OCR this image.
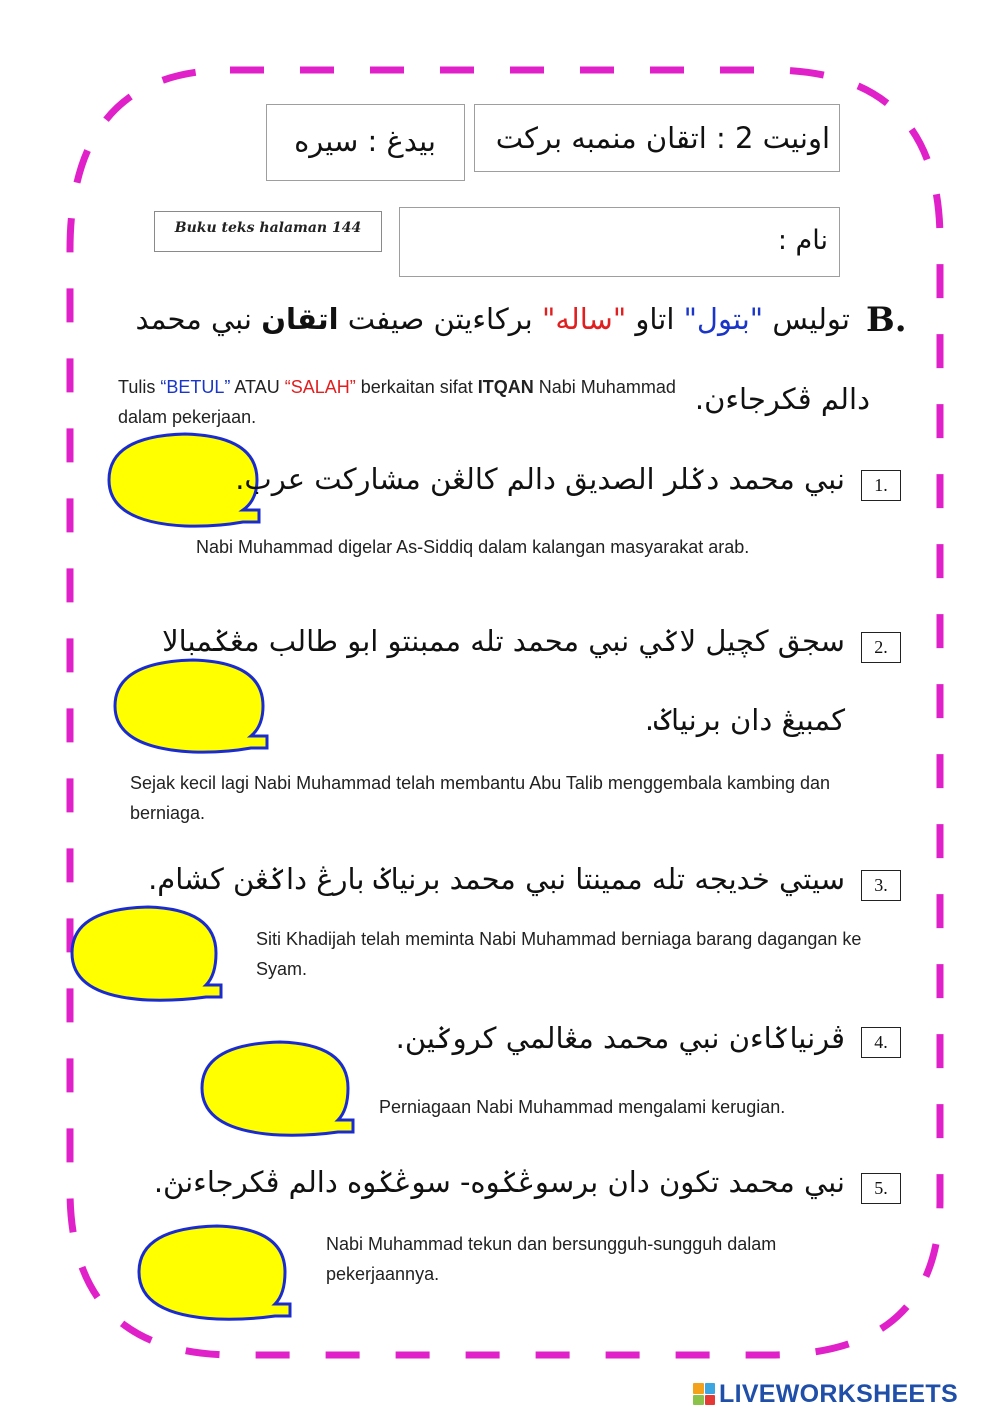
بيدغ : سيره	اونيت 2 : اتقان منمبه بركت
Buku teks halaman 144	نام :
B.
توليس "بتول" اتاو "ساله" بركاءيتن صيفت اتقان نبي محمد
دالم ڤكرجاءن.
Tulis “BETUL” ATAU “SALAH” berkaitan sifat ITQAN Nabi Muhammad dalam pekerjaan.
1.
نبي محمد دݢلر الصديق دالم كالڠن مشاركت عرب.
Nabi Muhammad digelar As-Siddiq dalam kalangan masyarakat arab.
2.
سجق كچيل لاݢي نبي محمد تله ممبنتو ابو طالب مڠݢمبالا
كمبيڠ دان برنياݢ.
Sejak kecil lagi Nabi Muhammad telah membantu Abu Talib menggembala kambing dan berniaga.
3.
سيتي خديجه تله ممينتا نبي محمد برنياݢ بارڠ داݢڠن كشام.
Siti Khadijah telah meminta Nabi Muhammad berniaga barang dagangan ke Syam.
4.
ڤرنياݢاءن نبي محمد مڠالمي كروݢين.
Perniagaan Nabi Muhammad mengalami kerugian.
5.
نبي محمد تكون دان برسوڠݢوه- سوڠݢوه دالم ڤكرجاءنڽ.
Nabi Muhammad tekun dan bersungguh-sungguh dalam pekerjaannya.
LIVEWORKSHEETS
